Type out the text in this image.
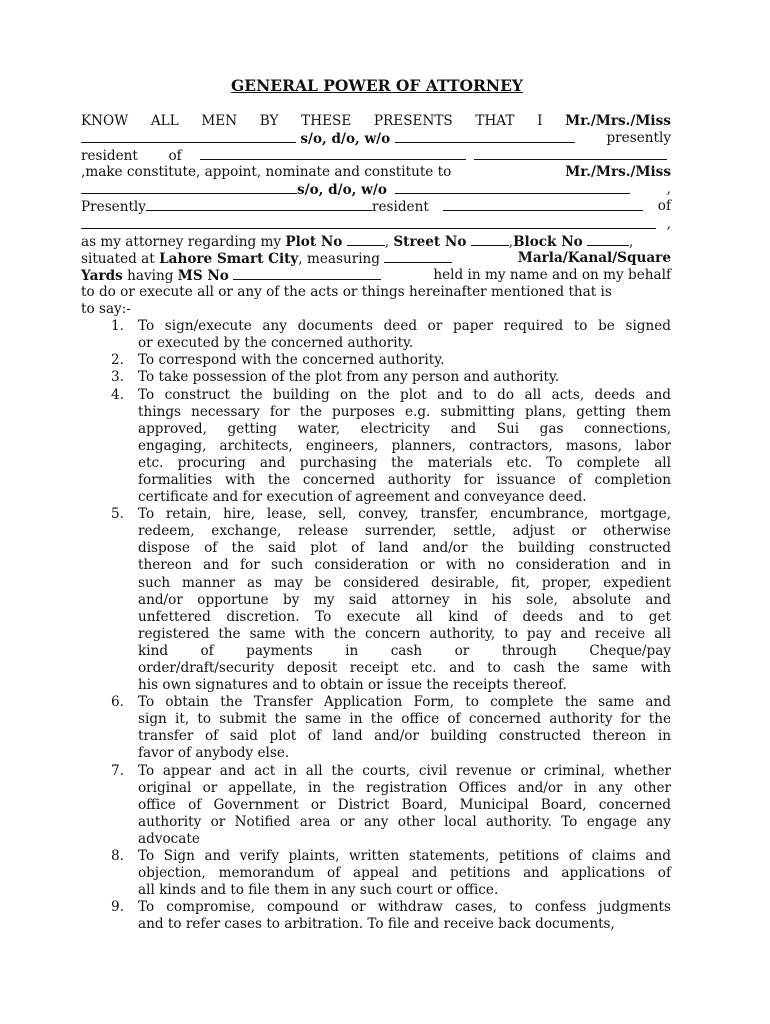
GENERAL POWER OF ATTORNEY
KNOW ALL MEN BY THESE PRESENTS THAT I Mr./Mrs./Miss
s/o, d/o, w/o	presently
resident of
,make constitute, appoint, nominate and constitute to	Mr./Mrs./Miss
s/o, d/o, w/o	,
Presently	resident	of
,
as my attorney regarding my Plot No	, Street No	,Block No	,
situated at Lahore Smart City, measuring	Marla/Kanal/Square
Yards having MS No	held in my name and on my behalf
to do or execute all or any of the acts or things hereinafter mentioned that is
to say:-
1. To sign/execute any documents deed or paper required to be signed
or executed by the concerned authority.
2. To correspond with the concerned authority.
3. To take possession of the plot from any person and authority.
4. To construct the building on the plot and to do all acts, deeds and
things necessary for the purposes e.g. submitting plans, getting them
approved, getting water, electricity and Sui gas connections,
engaging, architects, engineers, planners, contractors, masons, labor
etc. procuring and purchasing the materials etc. To complete all
formalities with the concerned authority for issuance of completion
certificate and for execution of agreement and conveyance deed.
5. To retain, hire, lease, sell, convey, transfer, encumbrance, mortgage,
redeem, exchange, release surrender, settle, adjust or otherwise
dispose of the said plot of land and/or the building constructed
thereon and for such consideration or with no consideration and in
such manner as may be considered desirable, fit, proper, expedient
and/or opportune by my said attorney in his sole, absolute and
unfettered discretion. To execute all kind of deeds and to get
registered the same with the concern authority, to pay and receive all
kind of payments in cash or through Cheque/pay
order/draft/security deposit receipt etc. and to cash the same with
his own signatures and to obtain or issue the receipts thereof.
6. To obtain the Transfer Application Form, to complete the same and
sign it, to submit the same in the office of concerned authority for the
transfer of said plot of land and/or building constructed thereon in
favor of anybody else.
7. To appear and act in all the courts, civil revenue or criminal, whether
original or appellate, in the registration Offices and/or in any other
office of Government or District Board, Municipal Board, concerned
authority or Notified area or any other local authority. To engage any
advocate
8. To Sign and verify plaints, written statements, petitions of claims and
objection, memorandum of appeal and petitions and applications of
all kinds and to file them in any such court or office.
9. To compromise, compound or withdraw cases, to confess judgments
and to refer cases to arbitration. To file and receive back documents,
